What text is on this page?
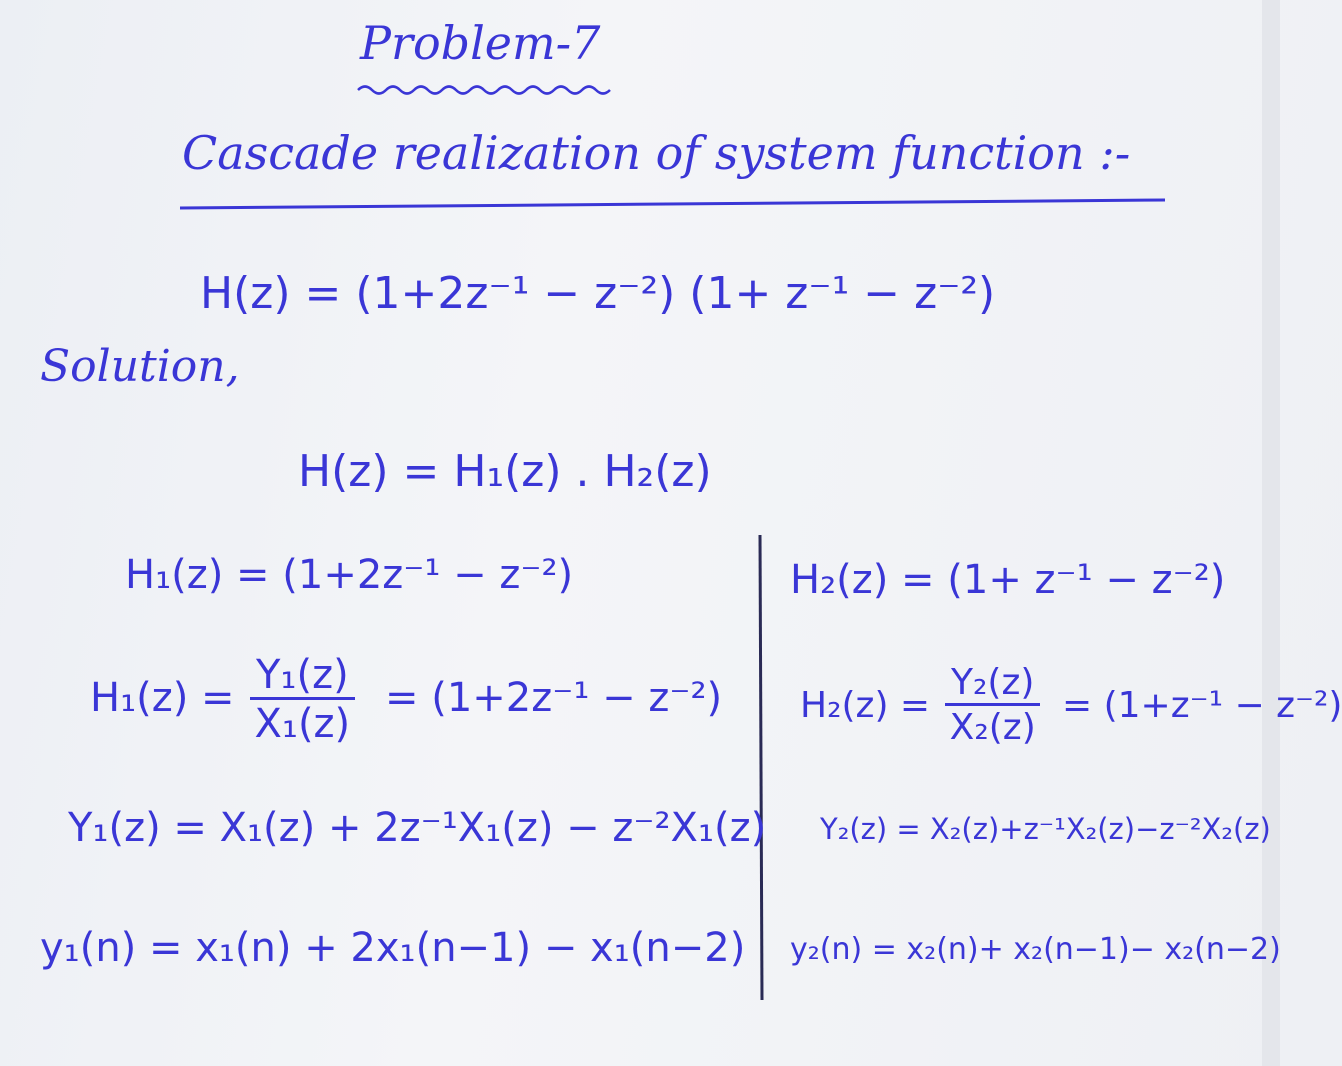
Problem-7
Cascade realization of system function :-
H(z) = (1+2z⁻¹ − z⁻²) (1+ z⁻¹ − z⁻²)
Solution,
H(z) = H₁(z) . H₂(z)
H₁(z) = (1+2z⁻¹ − z⁻²)
$H_1(z) = \frac{\text{Y₁(z)}}{\text{X₁(z)}} = (1+2z^{-1} - z^{-2})$
Y₁(z) = X₁(z) + 2z⁻¹X₁(z) − z⁻²X₁(z)
y₁(n) = x₁(n) + 2x₁(n−1) − x₁(n−2)
H₂(z) = (1+ z⁻¹ − z⁻²)
$H_2(z) = \frac{\text{Y₂(z)}}{\text{X₂(z)}} = (1+z^{-1} - z^{-2})$
Y₂(z) = X₂(z)+z⁻¹X₂(z)−z⁻²X₂(z)
y₂(n) = x₂(n)+ x₂(n−1)− x₂(n−2)
